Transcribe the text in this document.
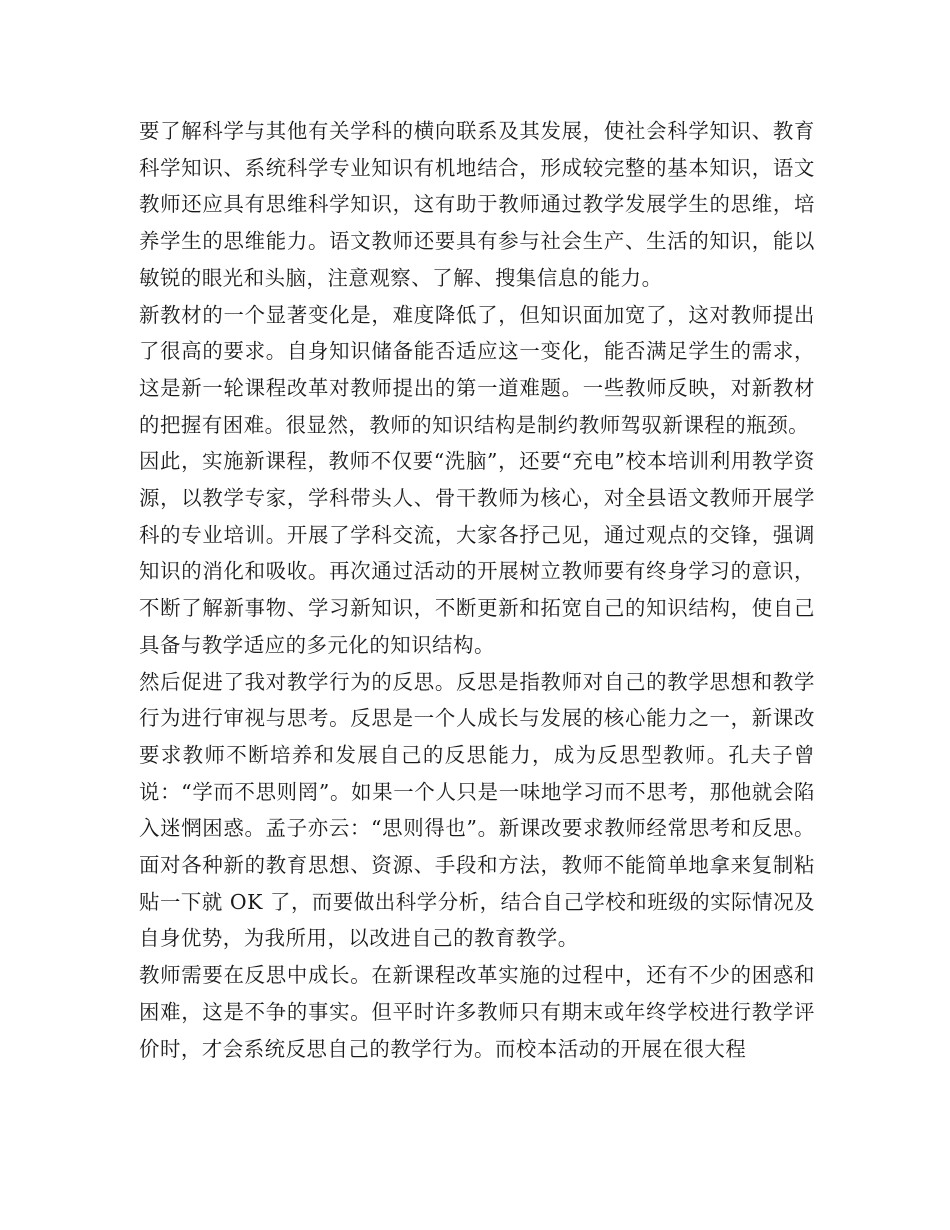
要了解科学与其他有关学科的横向联系及其发展，使社会科学知识、教育科学知识、系统科学专业知识有机地结合，形成较完整的基本知识，语文教师还应具有思维科学知识，这有助于教师通过教学发展学生的思维，培养学生的思维能力。语文教师还要具有参与社会生产、生活的知识，能以敏锐的眼光和头脑，注意观察、了解、搜集信息的能力。

新教材的一个显著变化是，难度降低了，但知识面加宽了，这对教师提出了很高的要求。自身知识储备能否适应这一变化，能否满足学生的需求，这是新一轮课程改革对教师提出的第一道难题。一些教师反映，对新教材的把握有困难。很显然，教师的知识结构是制约教师驾驭新课程的瓶颈。

因此，实施新课程，教师不仅要“洗脑”，还要“充电”校本培训利用教学资源，以教学专家，学科带头人、骨干教师为核心，对全县语文教师开展学科的专业培训。开展了学科交流，大家各抒己见，通过观点的交锋，强调知识的消化和吸收。再次通过活动的开展树立教师要有终身学习的意识，不断了解新事物、学习新知识，不断更新和拓宽自己的知识结构，使自己具备与教学适应的多元化的知识结构。

然后促进了我对教学行为的反思。反思是指教师对自己的教学思想和教学行为进行审视与思考。反思是一个人成长与发展的核心能力之一，新课改要求教师不断培养和发展自己的反思能力，成为反思型教师。孔夫子曾说：“学而不思则罔”。如果一个人只是一味地学习而不思考，那他就会陷入迷惘困惑。孟子亦云：“思则得也”。新课改要求教师经常思考和反思。面对各种新的教育思想、资源、手段和方法，教师不能简单地拿来复制粘贴一下就 OK 了，而要做出科学分析，结合自己学校和班级的实际情况及自身优势，为我所用，以改进自己的教育教学。

教师需要在反思中成长。在新课程改革实施的过程中，还有不少的困惑和困难，这是不争的事实。但平时许多教师只有期末或年终学校进行教学评价时，才会系统反思自己的教学行为。而校本活动的开展在很大程
